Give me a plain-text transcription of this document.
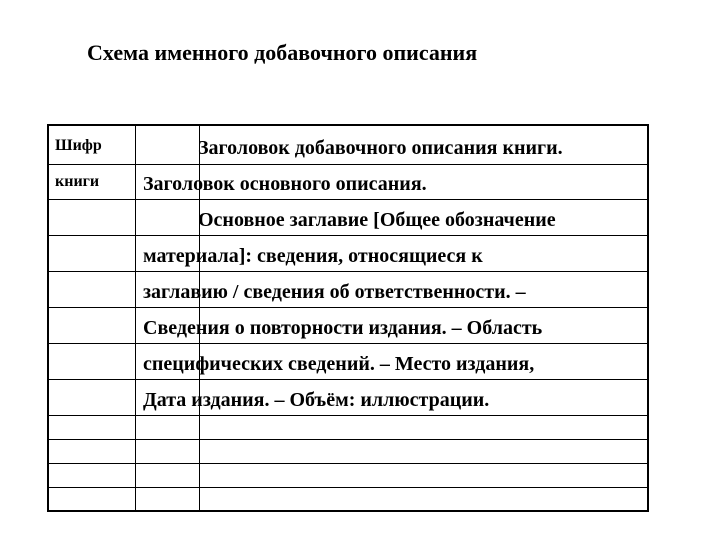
Схема именного добавочного описания
Шифр
книги
Заголовок добавочного описания книги.
Заголовок основного описания.
Основное заглавие [Общее обозначение
материала]: сведения, относящиеся к
заглавию / сведения об ответственности. –
Сведения о повторности издания. – Область
специфических сведений. – Место издания,
Дата издания. – Объём: иллюстрации.
